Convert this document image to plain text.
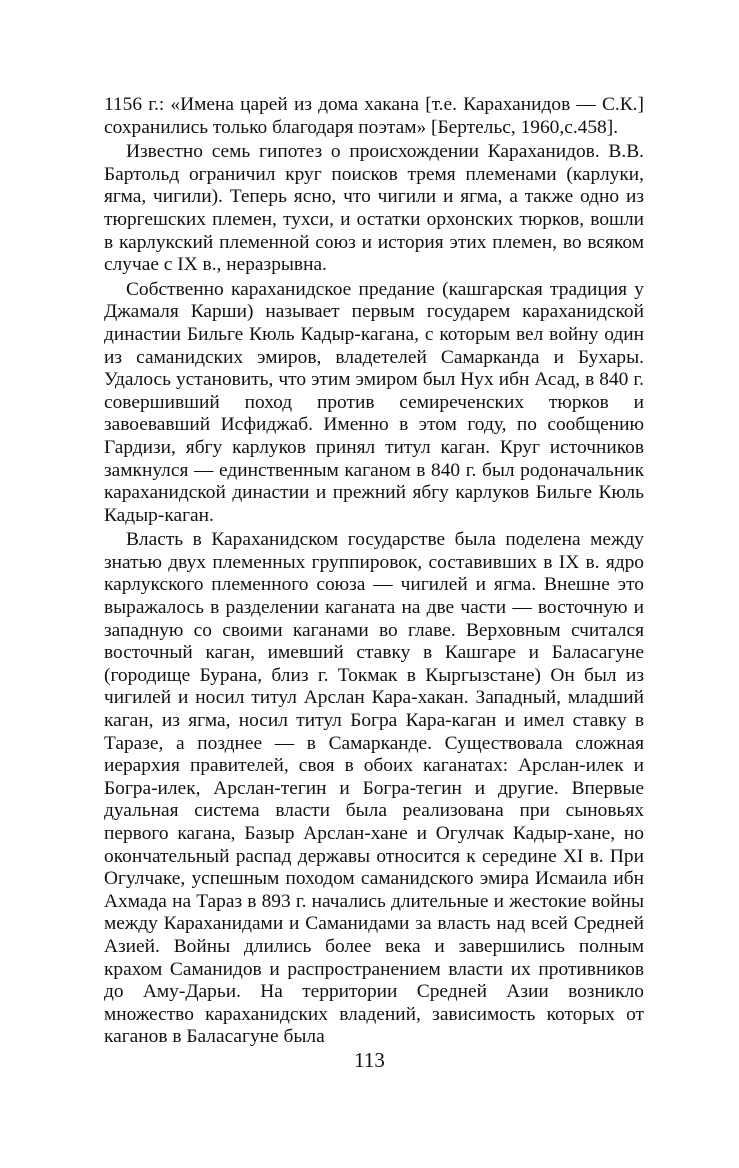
1156 г.: «Имена царей из дома хакана [т.е. Караханидов — С.К.] сохранились только благодаря поэтам» [Бертельс, 1960,с.458].

Известно семь гипотез о происхождении Караханидов. В.В. Бартольд ограничил круг поисков тремя племенами (карлуки, ягма, чигили). Теперь ясно, что чигили и ягма, а также одно из тюргешских племен, тухси, и остатки орхонских тюрков, вошли в карлукский племенной союз и история этих племен, во всяком случае с IX в., неразрывна.

Собственно караханидское предание (кашгарская традиция у Джамаля Карши) называет первым государем караханидской династии Бильге Кюль Кадыр-кагана, с которым вел войну один из саманидских эмиров, владетелей Самарканда и Бухары. Удалось установить, что этим эмиром был Нух ибн Асад, в 840 г. совершивший поход против семиреченских тюрков и завоевавший Исфиджаб. Именно в этом году, по сообщению Гардизи, ябгу карлуков принял титул каган. Круг источников замкнулся — единственным каганом в 840 г. был родоначальник караханидской династии и прежний ябгу карлуков Бильге Кюль Кадыр-каган.

Власть в Караханидском государстве была поделена между знатью двух племенных группировок, составивших в IX в. ядро карлукского племенного союза — чигилей и ягма. Внешне это выражалось в разделении каганата на две части — восточную и западную со своими каганами во главе. Верховным считался восточный каган, имевший ставку в Кашгаре и Баласагуне (городище Бурана, близ г. Токмак в Кыргызстане) Он был из чигилей и носил титул Арслан Кара-хакан. Западный, младший каган, из ягма, носил титул Богра Кара-каган и имел ставку в Таразе, а позднее — в Самарканде. Существовала сложная иерархия правителей, своя в обоих каганатах: Арслан-илек и Богра-илек, Арслан-тегин и Богра-тегин и другие. Впервые дуальная система власти была реализована при сыновьях первого кагана, Базыр Арслан-хане и Огулчак Кадыр-хане, но окончательный распад державы относится к середине XI в. При Огулчаке, успешным походом саманидского эмира Исмаила ибн Ахмада на Тараз в 893 г. начались длительные и жестокие войны между Караханидами и Саманидами за власть над всей Средней Азией. Войны длились более века и завершились полным крахом Саманидов и распространением власти их противников до Аму-Дарьи. На территории Средней Азии возникло множество караханидских владений, зависимость которых от каганов в Баласагуне была

113
